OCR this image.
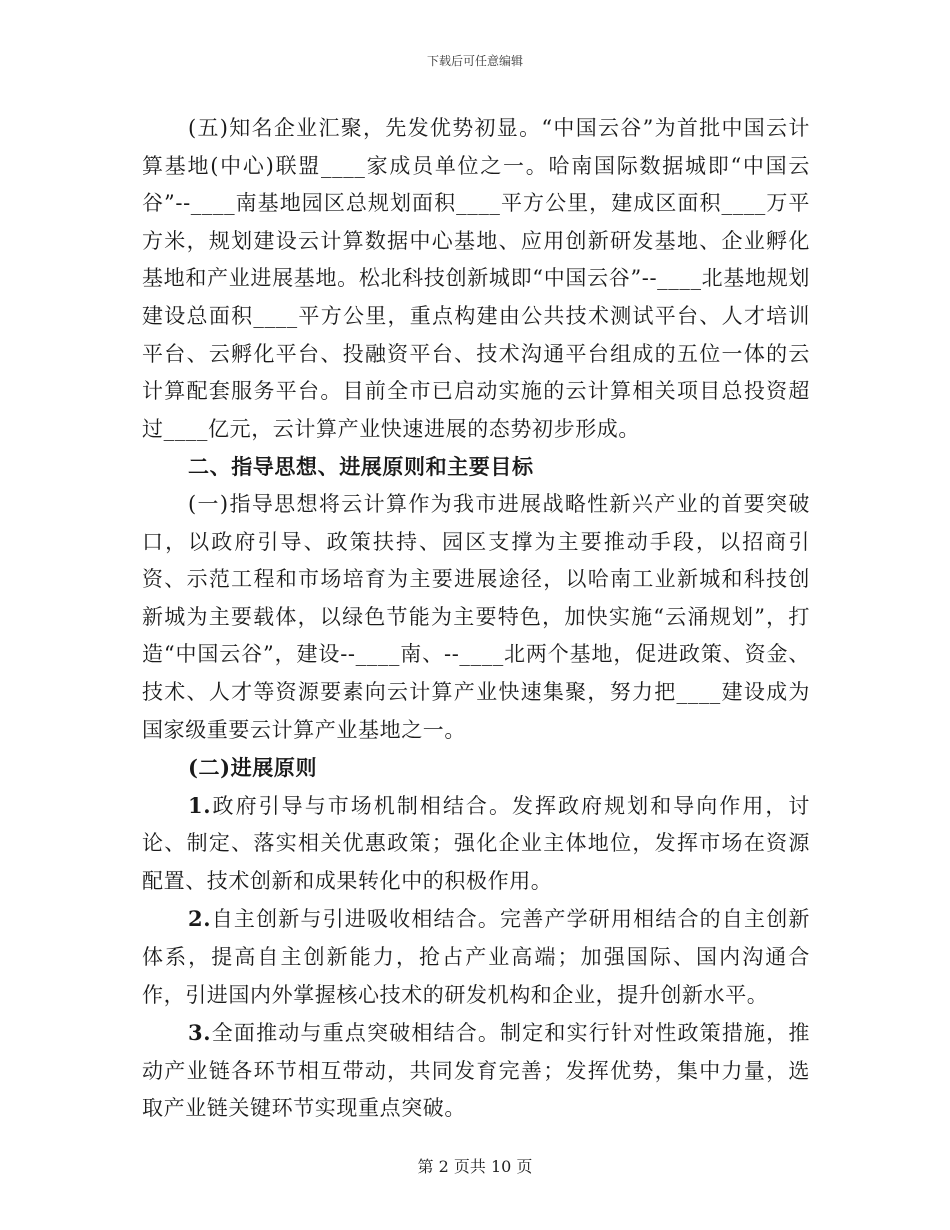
下载后可任意编辑

(五)知名企业汇聚，先发优势初显。“中国云谷”为首批中国云计算基地(中心)联盟____家成员单位之一。哈南国际数据城即“中国云谷”--____南基地园区总规划面积____平方公里，建成区面积____万平方米，规划建设云计算数据中心基地、应用创新研发基地、企业孵化基地和产业进展基地。松北科技创新城即“中国云谷”--____北基地规划建设总面积____平方公里，重点构建由公共技术测试平台、人才培训平台、云孵化平台、投融资平台、技术沟通平台组成的五位一体的云计算配套服务平台。目前全市已启动实施的云计算相关项目总投资超过____亿元，云计算产业快速进展的态势初步形成。

二、指导思想、进展原则和主要目标

(一)指导思想将云计算作为我市进展战略性新兴产业的首要突破口，以政府引导、政策扶持、园区支撑为主要推动手段，以招商引资、示范工程和市场培育为主要进展途径，以哈南工业新城和科技创新城为主要载体，以绿色节能为主要特色，加快实施“云涌规划”，打造“中国云谷”，建设--____南、--____北两个基地，促进政策、资金、技术、人才等资源要素向云计算产业快速集聚，努力把____建设成为国家级重要云计算产业基地之一。

(二)进展原则

1.政府引导与市场机制相结合。发挥政府规划和导向作用，讨论、制定、落实相关优惠政策；强化企业主体地位，发挥市场在资源配置、技术创新和成果转化中的积极作用。

2.自主创新与引进吸收相结合。完善产学研用相结合的自主创新体系，提高自主创新能力，抢占产业高端；加强国际、国内沟通合作，引进国内外掌握核心技术的研发机构和企业，提升创新水平。

3.全面推动与重点突破相结合。制定和实行针对性政策措施，推动产业链各环节相互带动，共同发育完善；发挥优势，集中力量，选取产业链关键环节实现重点突破。

第 2 页共 10 页
